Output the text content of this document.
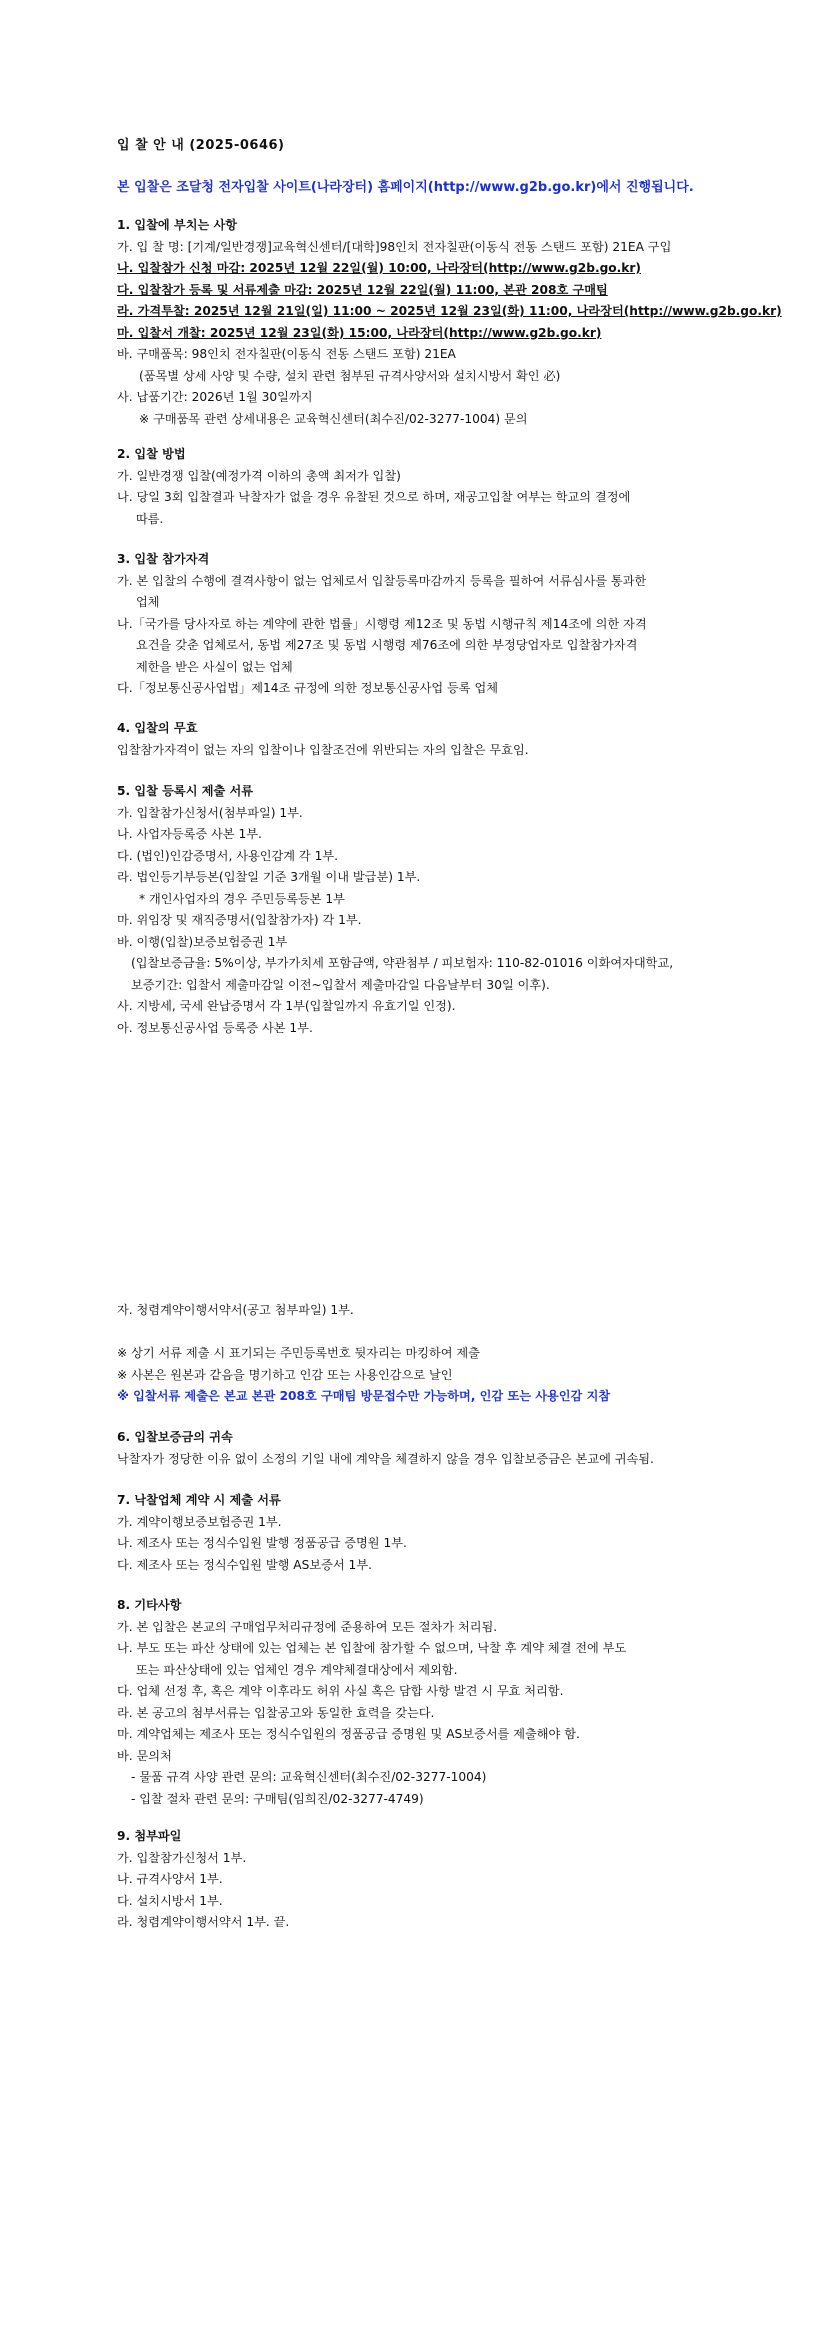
입 찰 안 내 (2025-0646)
본 입찰은 조달청 전자입찰 사이트(나라장터) 홈페이지(http://www.g2b.go.kr)에서 진행됩니다.

1. 입찰에 부치는 사항

가. 입 찰 명: [기계/일반경쟁]교육혁신센터/[대학]98인치 전자칠판(이동식 전동 스탠드 포함) 21EA 구입

나. 입찰참가 신청 마감: 2025년 12월 22일(월) 10:00, 나라장터(http://www.g2b.go.kr)

다. 입찰참가 등록 및 서류제출 마감: 2025년 12월 22일(월) 11:00, 본관 208호 구매팀

라. 가격투찰: 2025년 12월 21일(일) 11:00 ~ 2025년 12월 23일(화) 11:00, 나라장터(http://www.g2b.go.kr)

마. 입찰서 개찰: 2025년 12월 23일(화) 15:00, 나라장터(http://www.g2b.go.kr)

바. 구매품목: 98인치 전자칠판(이동식 전동 스탠드 포함) 21EA

(품목별 상세 사양 및 수량, 설치 관련 첨부된 규격사양서와 설치시방서 확인 必)

사. 납품기간: 2026년 1월 30일까지

※ 구매품목 관련 상세내용은 교육혁신센터(최수진/02-3277-1004) 문의

2. 입찰 방법

가. 일반경쟁 입찰(예정가격 이하의 총액 최저가 입찰)

나. 당일 3회 입찰결과 낙찰자가 없을 경우 유찰된 것으로 하며, 재공고입찰 여부는 학교의 결정에

따름.

3. 입찰 참가자격

가. 본 입찰의 수행에 결격사항이 없는 업체로서 입찰등록마감까지 등록을 필하여 서류심사를 통과한

업체

나.「국가를 당사자로 하는 계약에 관한 법률」시행령 제12조 및 동법 시행규칙 제14조에 의한 자격

요건을 갖춘 업체로서, 동법 제27조 및 동법 시행령 제76조에 의한 부정당업자로 입찰참가자격

제한을 받은 사실이 없는 업체

다.「정보통신공사업법」제14조 규정에 의한 정보통신공사업 등록 업체

4. 입찰의 무효

입찰참가자격이 없는 자의 입찰이나 입찰조건에 위반되는 자의 입찰은 무효임.

5. 입찰 등록시 제출 서류

가. 입찰참가신청서(첨부파일) 1부.

나. 사업자등록증 사본 1부.

다. (법인)인감증명서, 사용인감계 각 1부.

라. 법인등기부등본(입찰일 기준 3개월 이내 발급분) 1부.

* 개인사업자의 경우 주민등록등본 1부

마. 위임장 및 재직증명서(입찰참가자) 각 1부.

바. 이행(입찰)보증보험증권 1부

(입찰보증금율: 5%이상, 부가가치세 포함금액, 약관첨부 / 피보험자: 110-82-01016 이화여자대학교,

보증기간: 입찰서 제출마감일 이전~입찰서 제출마감일 다음날부터 30일 이후).

사. 지방세, 국세 완납증명서 각 1부(입찰일까지 유효기일 인정).

아. 정보통신공사업 등록증 사본 1부.

자. 청렴계약이행서약서(공고 첨부파일) 1부.

※ 상기 서류 제출 시 표기되는 주민등록번호 뒷자리는 마킹하여 제출

※ 사본은 원본과 같음을 명기하고 인감 또는 사용인감으로 날인

※ 입찰서류 제출은 본교 본관 208호 구매팀 방문접수만 가능하며, 인감 또는 사용인감 지참

6. 입찰보증금의 귀속

낙찰자가 정당한 이유 없이 소정의 기일 내에 계약을 체결하지 않을 경우 입찰보증금은 본교에 귀속됨.

7. 낙찰업체 계약 시 제출 서류

가. 계약이행보증보험증권 1부.

나. 제조사 또는 정식수입원 발행 정품공급 증명원 1부.

다. 제조사 또는 정식수입원 발행 AS보증서 1부.

8. 기타사항

가. 본 입찰은 본교의 구매업무처리규정에 준용하여 모든 절차가 처리됨.

나. 부도 또는 파산 상태에 있는 업체는 본 입찰에 참가할 수 없으며, 낙찰 후 계약 체결 전에 부도

또는 파산상태에 있는 업체인 경우 계약체결대상에서 제외함.

다. 업체 선정 후, 혹은 계약 이후라도 허위 사실 혹은 담합 사항 발견 시 무효 처리함.

라. 본 공고의 첨부서류는 입찰공고와 동일한 효력을 갖는다.

마. 계약업체는 제조사 또는 정식수입원의 정품공급 증명원 및 AS보증서를 제출해야 함.

바. 문의처

- 물품 규격 사양 관련 문의: 교육혁신센터(최수진/02-3277-1004)

- 입찰 절차 관련 문의: 구매팀(임희진/02-3277-4749)

9. 첨부파일

가. 입찰참가신청서 1부.

나. 규격사양서 1부.

다. 설치시방서 1부.

라. 청렴계약이행서약서 1부. 끝.
